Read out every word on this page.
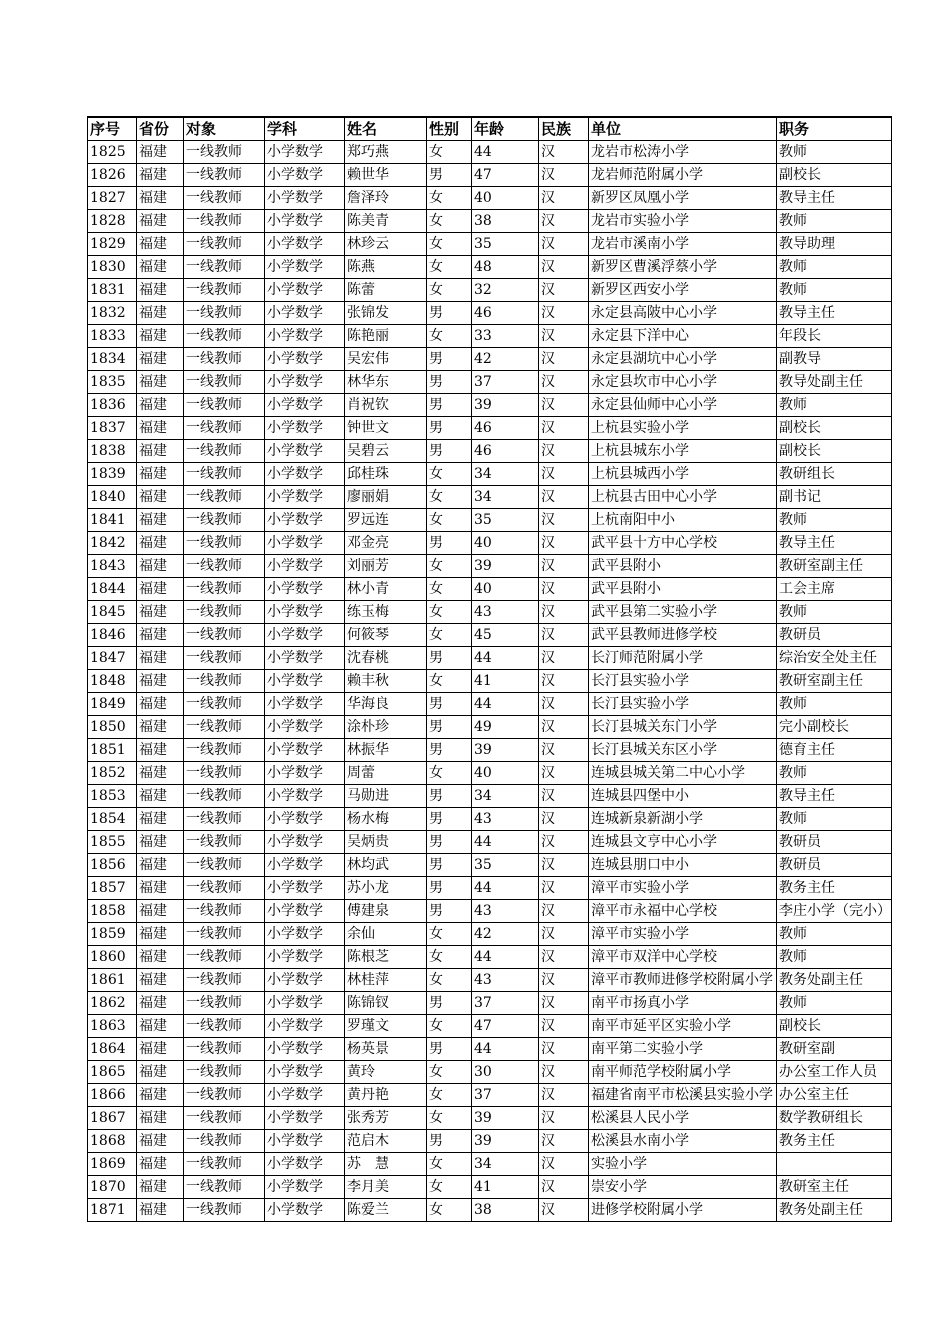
序号	省份	对象	学科	姓名	性别	年龄	民族	单位	职务
1825	福建	一线教师	小学数学	郑巧燕	女	44	汉	龙岩市松涛小学	教师
1826	福建	一线教师	小学数学	赖世华	男	47	汉	龙岩师范附属小学	副校长
1827	福建	一线教师	小学数学	詹泽玲	女	40	汉	新罗区凤凰小学	教导主任
1828	福建	一线教师	小学数学	陈美青	女	38	汉	龙岩市实验小学	教师
1829	福建	一线教师	小学数学	林珍云	女	35	汉	龙岩市溪南小学	教导助理
1830	福建	一线教师	小学数学	陈燕	女	48	汉	新罗区曹溪浮蔡小学	教师
1831	福建	一线教师	小学数学	陈蕾	女	32	汉	新罗区西安小学	教师
1832	福建	一线教师	小学数学	张锦发	男	46	汉	永定县高陂中心小学	教导主任
1833	福建	一线教师	小学数学	陈艳丽	女	33	汉	永定县下洋中心	年段长
1834	福建	一线教师	小学数学	吴宏伟	男	42	汉	永定县湖坑中心小学	副教导
1835	福建	一线教师	小学数学	林华东	男	37	汉	永定县坎市中心小学	教导处副主任
1836	福建	一线教师	小学数学	肖祝钦	男	39	汉	永定县仙师中心小学	教师
1837	福建	一线教师	小学数学	钟世文	男	46	汉	上杭县实验小学	副校长
1838	福建	一线教师	小学数学	吴碧云	男	46	汉	上杭县城东小学	副校长
1839	福建	一线教师	小学数学	邱桂珠	女	34	汉	上杭县城西小学	教研组长
1840	福建	一线教师	小学数学	廖丽娟	女	34	汉	上杭县古田中心小学	副书记
1841	福建	一线教师	小学数学	罗远连	女	35	汉	上杭南阳中小	教师
1842	福建	一线教师	小学数学	邓金亮	男	40	汉	武平县十方中心学校	教导主任
1843	福建	一线教师	小学数学	刘丽芳	女	39	汉	武平县附小	教研室副主任
1844	福建	一线教师	小学数学	林小青	女	40	汉	武平县附小	工会主席
1845	福建	一线教师	小学数学	练玉梅	女	43	汉	武平县第二实验小学	教师
1846	福建	一线教师	小学数学	何筱琴	女	45	汉	武平县教师进修学校	教研员
1847	福建	一线教师	小学数学	沈春桃	男	44	汉	长汀师范附属小学	综治安全处主任
1848	福建	一线教师	小学数学	赖丰秋	女	41	汉	长汀县实验小学	教研室副主任
1849	福建	一线教师	小学数学	华海良	男	44	汉	长汀县实验小学	教师
1850	福建	一线教师	小学数学	涂朴珍	男	49	汉	长汀县城关东门小学	完小副校长
1851	福建	一线教师	小学数学	林振华	男	39	汉	长汀县城关东区小学	德育主任
1852	福建	一线教师	小学数学	周蕾	女	40	汉	连城县城关第二中心小学	教师
1853	福建	一线教师	小学数学	马勋进	男	34	汉	连城县四堡中小	教导主任
1854	福建	一线教师	小学数学	杨水梅	男	43	汉	连城新泉新湖小学	教师
1855	福建	一线教师	小学数学	吴炳贵	男	44	汉	连城县文亨中心小学	教研员
1856	福建	一线教师	小学数学	林均武	男	35	汉	连城县朋口中小	教研员
1857	福建	一线教师	小学数学	苏小龙	男	44	汉	漳平市实验小学	教务主任
1858	福建	一线教师	小学数学	傅建泉	男	43	汉	漳平市永福中心学校	李庄小学（完小）
1859	福建	一线教师	小学数学	余仙	女	42	汉	漳平市实验小学	教师
1860	福建	一线教师	小学数学	陈根芝	女	44	汉	漳平市双洋中心学校	教师
1861	福建	一线教师	小学数学	林桂萍	女	43	汉	漳平市教师进修学校附属小学	教务处副主任
1862	福建	一线教师	小学数学	陈锦钗	男	37	汉	南平市扬真小学	教师
1863	福建	一线教师	小学数学	罗瑾文	女	47	汉	南平市延平区实验小学	副校长
1864	福建	一线教师	小学数学	杨英景	男	44	汉	南平第二实验小学	教研室副
1865	福建	一线教师	小学数学	黄玲	女	30	汉	南平师范学校附属小学	办公室工作人员
1866	福建	一线教师	小学数学	黄丹艳	女	37	汉	福建省南平市松溪县实验小学	办公室主任
1867	福建	一线教师	小学数学	张秀芳	女	39	汉	松溪县人民小学	数学教研组长
1868	福建	一线教师	小学数学	范启木	男	39	汉	松溪县水南小学	教务主任
1869	福建	一线教师	小学数学	苏　慧	女	34	汉	实验小学	
1870	福建	一线教师	小学数学	李月美	女	41	汉	崇安小学	教研室主任
1871	福建	一线教师	小学数学	陈爱兰	女	38	汉	进修学校附属小学	教务处副主任
